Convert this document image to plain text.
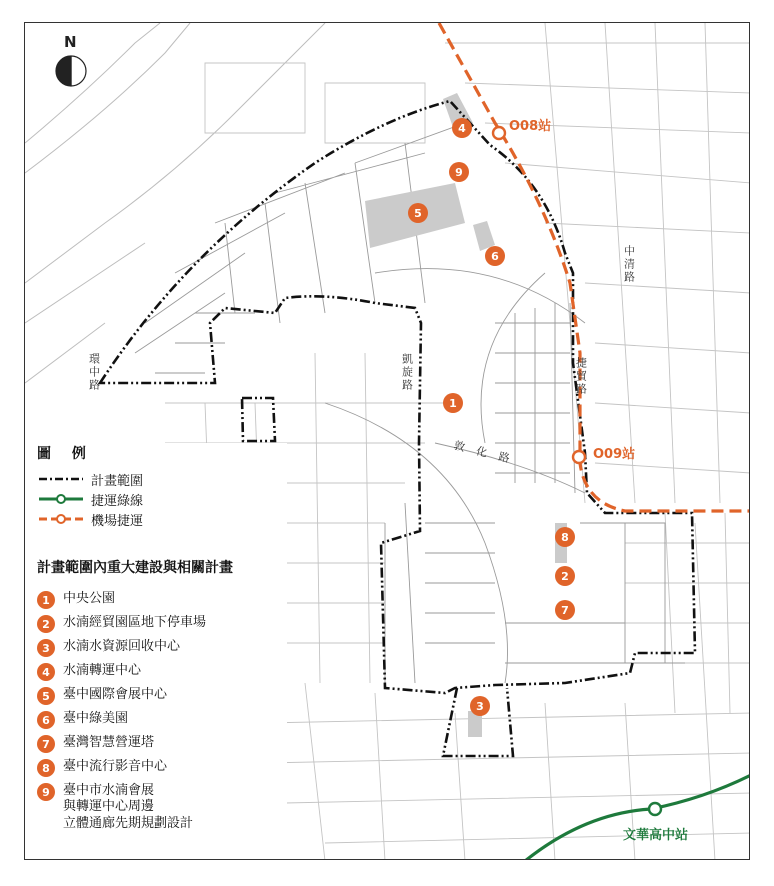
N
O08站
O09站
文華高中站
中清路
環中路	凱旋路	捷貿路
敦化路
1
2
3
4
5
6
7
8
9
圖 例
計畫範圍
捷運綠線
機場捷運
計畫範圍內重大建設與相關計畫
1	中央公園
2	水湳經貿園區地下停車場
3	水湳水資源回收中心
4	水湳轉運中心
5	臺中國際會展中心
6	臺中綠美園
7	臺灣智慧營運塔
8	臺中流行影音中心
9	臺中市水湳會展
與轉運中心周邊
立體通廊先期規劃設計
